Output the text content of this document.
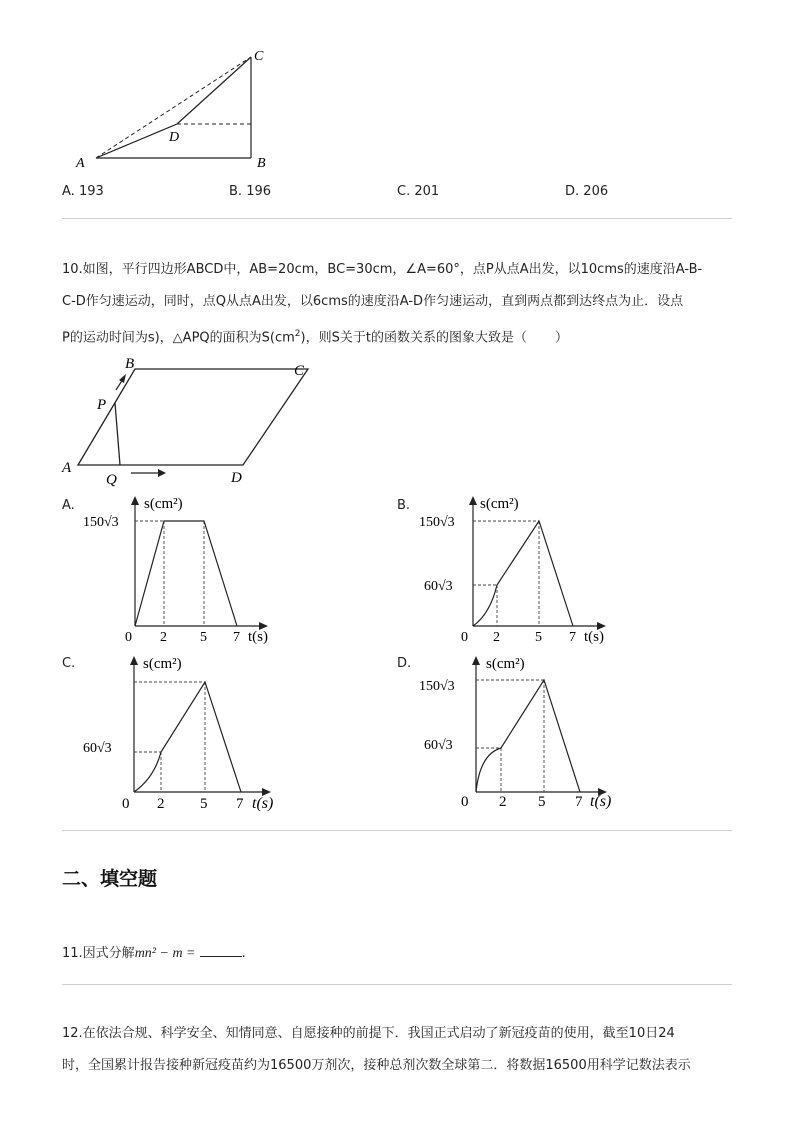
A	B
C
D
A. 193	B. 196	C. 201	D. 206
10.如图，平行四边形ABCD中，AB=20cm，BC=30cm，∠A=60°，点P从点A出发，以10cms的速度沿A-B-
C-D作匀速运动，同时，点Q从点A出发，以6cms的速度沿A-D作匀速运动，直到两点都到达终点为止．设点
P的运动时间为s)，△APQ的面积为$S(cm^2)$，则S关于t的函数关系的图象大致是（ ）
A
B	C
D
P
Q
A.	s(cm²)
150√3
0 2 5 7 t(s)
B.	s(cm²)
150√3
60√3
0 2	5 7 t(s)
C.	s(cm²)
60√3
0 2 5 7 t(s)
D.	s(cm²)
150√3
60√3
0 2 5 7 t(s)
二、填空题
11.因式分解mn² − m =	.
12.在依法合规、科学安全、知情同意、自愿接种的前提下．我国正式启动了新冠疫苗的使用，截至10日24
时，全国累计报告接种新冠疫苗约为16500万剂次，接种总剂次数全球第二．将数据16500用科学记数法表示
